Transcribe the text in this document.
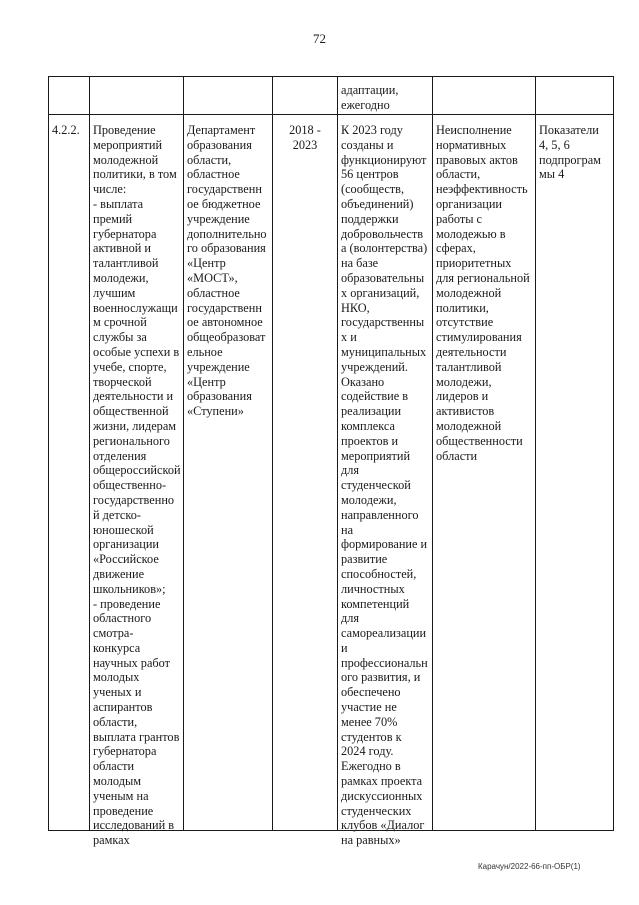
72
адаптации,
ежегодно
4.2.2.	Проведение
мероприятий
молодежной
политики, в том
числе:
- выплата
премий
губернатора
активной и
талантливой
молодежи,
лучшим
военнослужащи
м срочной
службы за
особые успехи в
учебе, спорте,
творческой
деятельности и
общественной
жизни, лидерам
регионального
отделения
общероссийской
общественно-
государственно
й детско-
юношеской
организации
«Российское
движение
школьников»;
- проведение
областного
смотра-
конкурса
научных работ
молодых
ученых и
аспирантов
области,
выплата грантов
губернатора
области
молодым
ученым на
проведение
исследований в
рамках
Департамент
образования
области,
областное
государственн
ое бюджетное
учреждение
дополнительно
го образования
«Центр
«МОСТ»,
областное
государственн
ое автономное
общеобразоват
ельное
учреждение
«Центр
образования
«Ступени»
2018 -
2023
К 2023 году
созданы и
функционируют
56 центров
(сообществ,
объединений)
поддержки
добровольчеств
а (волонтерства)
на базе
образовательны
х организаций,
НКО,
государственны
х и
муниципальных
учреждений.
Оказано
содействие в
реализации
комплекса
проектов и
мероприятий
для
студенческой
молодежи,
направленного
на
формирование и
развитие
способностей,
личностных
компетенций
для
самореализации
и
профессиональн
ого развития, и
обеспечено
участие не
менее 70%
студентов к
2024 году.
Ежегодно в
рамках проекта
дискуссионных
студенческих
клубов «Диалог
на равных»
Неисполнение
нормативных
правовых актов
области,
неэффективность
организации
работы с
молодежью в
сферах,
приоритетных
для региональной
молодежной
политики,
отсутствие
стимулирования
деятельности
талантливой
молодежи,
лидеров и
активистов
молодежной
общественности
области
Показатели
4, 5, 6
подпрограм
мы 4
Карачун/2022-66-пп-ОБР(1)
